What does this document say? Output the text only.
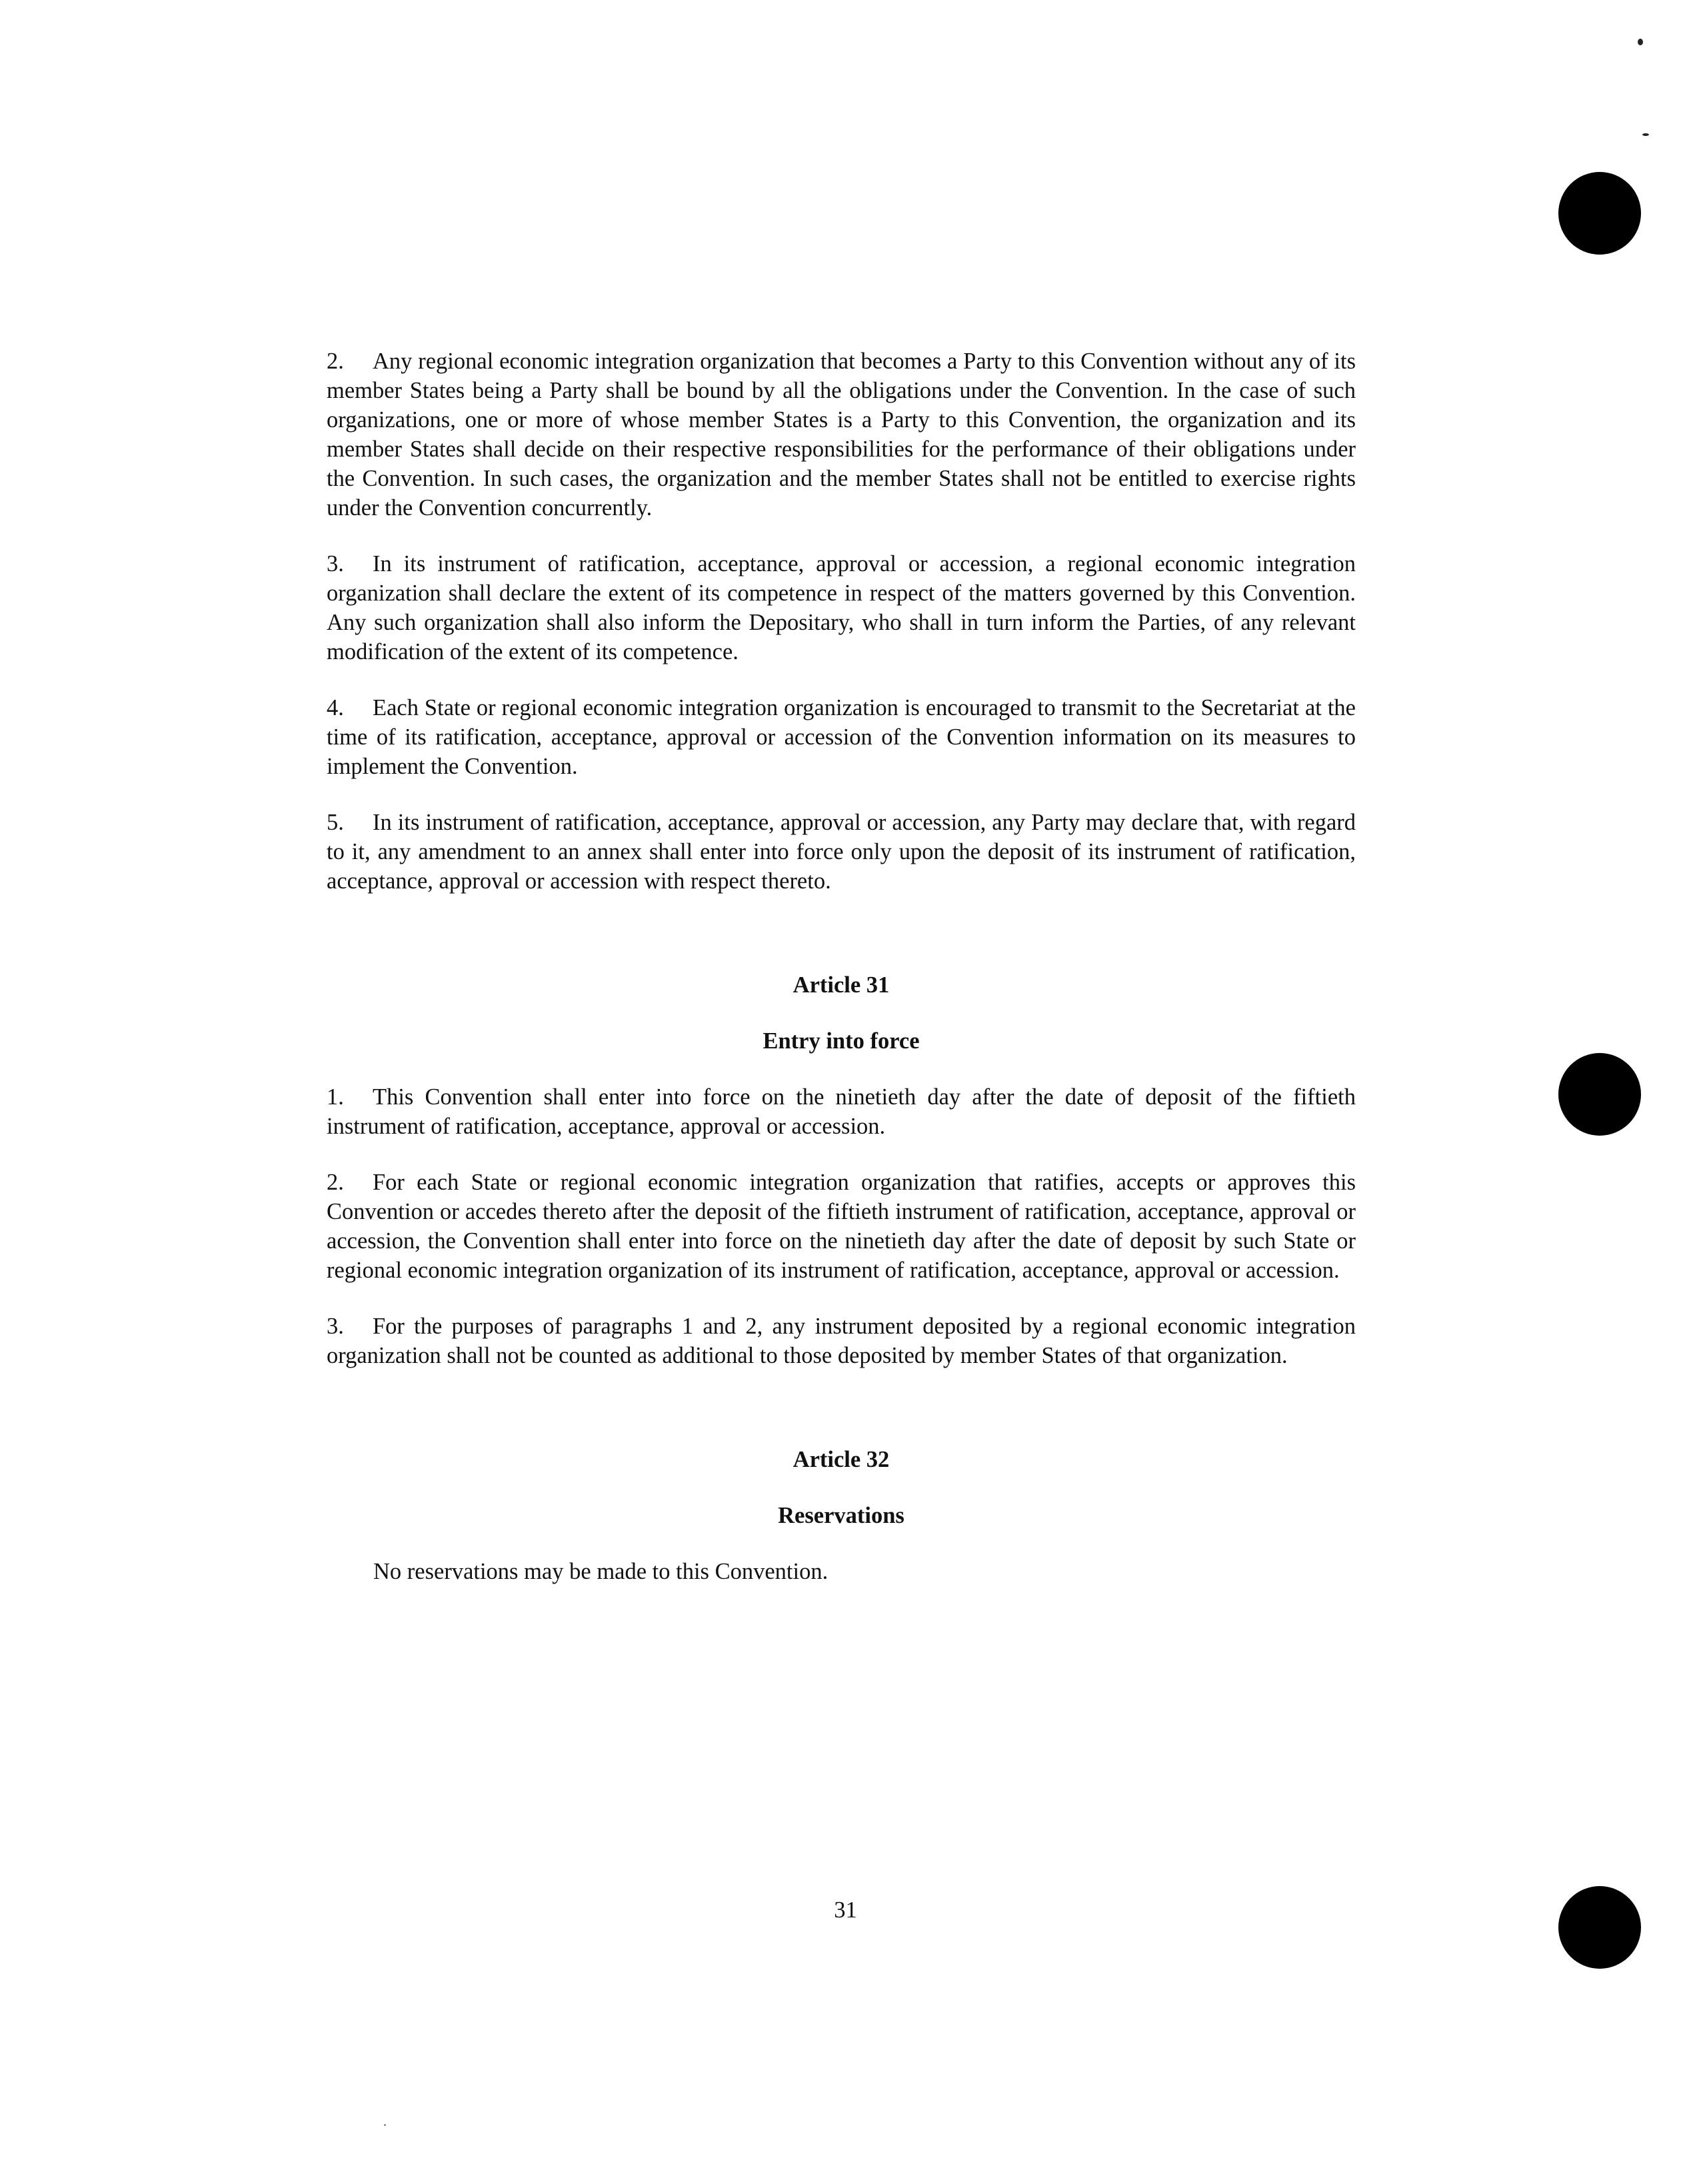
2. Any regional economic integration organization that becomes a Party to this Convention without any of its member States being a Party shall be bound by all the obligations under the Convention. In the case of such organizations, one or more of whose member States is a Party to this Convention, the organization and its member States shall decide on their respective responsibilities for the performance of their obligations under the Convention. In such cases, the organization and the member States shall not be entitled to exercise rights under the Convention concurrently.

3. In its instrument of ratification, acceptance, approval or accession, a regional economic integration organization shall declare the extent of its competence in respect of the matters governed by this Convention. Any such organization shall also inform the Depositary, who shall in turn inform the Parties, of any relevant modification of the extent of its competence.

4. Each State or regional economic integration organization is encouraged to transmit to the Secretariat at the time of its ratification, acceptance, approval or accession of the Convention information on its measures to implement the Convention.

5. In its instrument of ratification, acceptance, approval or accession, any Party may declare that, with regard to it, any amendment to an annex shall enter into force only upon the deposit of its instrument of ratification, acceptance, approval or accession with respect thereto.

Article 31
Entry into force

1. This Convention shall enter into force on the ninetieth day after the date of deposit of the fiftieth instrument of ratification, acceptance, approval or accession.

2. For each State or regional economic integration organization that ratifies, accepts or approves this Convention or accedes thereto after the deposit of the fiftieth instrument of ratification, acceptance, approval or accession, the Convention shall enter into force on the ninetieth day after the date of deposit by such State or regional economic integration organization of its instrument of ratification, acceptance, approval or accession.

3. For the purposes of paragraphs 1 and 2, any instrument deposited by a regional economic integration organization shall not be counted as additional to those deposited by member States of that organization.

Article 32
Reservations

No reservations may be made to this Convention.

31
